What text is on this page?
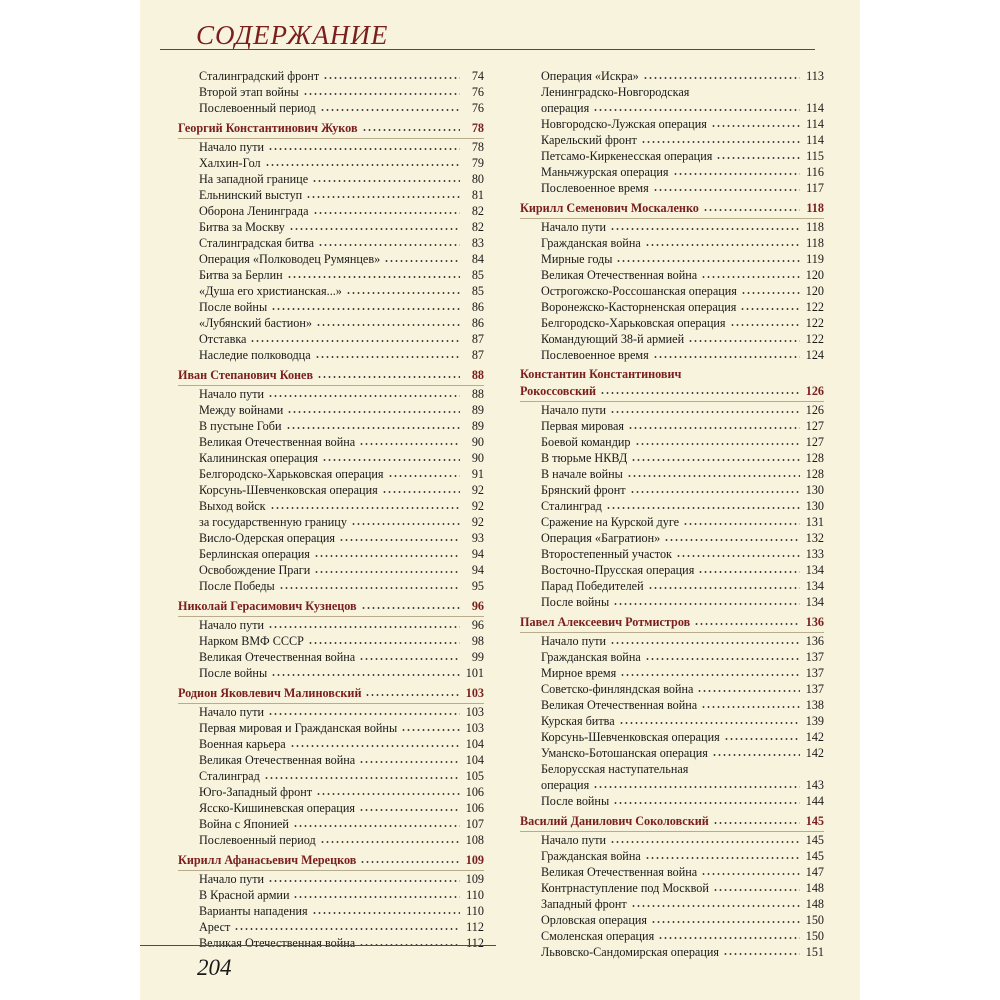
СОДЕРЖАНИЕ
Сталинградский фронт	74
Второй этап войны	76
Послевоенный период	76
Георгий Константинович Жуков	78
Начало пути	78
Халхин-Гол	79
На западной границе	80
Ельнинский выступ	81
Оборона Ленинграда	82
Битва за Москву	82
Сталинградская битва	83
Операция «Полководец Румянцев»	84
Битва за Берлин	85
«Душа его христианская...»	85
После войны	86
«Лубянский бастион»	86
Отставка	87
Наследие полководца	87
Иван Степанович Конев	88
Начало пути	88
Между войнами	89
В пустыне Гоби	89
Великая Отечественная война	90
Калининская операция	90
Белгородско-Харьковская операция	91
Корсунь-Шевченковская операция	92
Выход войск	92
за государственную границу	92
Висло-Одерская операция	93
Берлинская операция	94
Освобождение Праги	94
После Победы	95
Николай Герасимович Кузнецов	96
Начало пути	96
Нарком ВМФ СССР	98
Великая Отечественная война	99
После войны	101
Родион Яковлевич Малиновский	103
Начало пути	103
Первая мировая и Гражданская войны	103
Военная карьера	104
Великая Отечественная война	104
Сталинград	105
Юго-Западный фронт	106
Ясско-Кишиневская операция	106
Война с Японией	107
Послевоенный период	108
Кирилл Афанасьевич Мерецков	109
Начало пути	109
В Красной армии	110
Варианты нападения	110
Арест	112
Великая Отечественная война	112
Операция «Искра»	113
Ленинградско-Новгородская
операция	114
Новгородско-Лужская операция	114
Карельский фронт	114
Петсамо-Киркенесская операция	115
Маньчжурская операция	116
Послевоенное время	117
Кирилл Семенович Москаленко	118
Начало пути	118
Гражданская война	118
Мирные годы	119
Великая Отечественная война	120
Острогожско-Россошанская операция	120
Воронежско-Касторненская операция	122
Белгородско-Харьковская операция	122
Командующий 38-й армией	122
Послевоенное время	124
Константин Константинович
Рокоссовский	126
Начало пути	126
Первая мировая	127
Боевой командир	127
В тюрьме НКВД	128
В начале войны	128
Брянский фронт	130
Сталинград	130
Сражение на Курской дуге	131
Операция «Багратион»	132
Второстепенный участок	133
Восточно-Прусская операция	134
Парад Победителей	134
После войны	134
Павел Алексеевич Ротмистров	136
Начало пути	136
Гражданская война	137
Мирное время	137
Советско-финляндская война	137
Великая Отечественная война	138
Курская битва	139
Корсунь-Шевченковская операция	142
Уманско-Ботошанская операция	142
Белорусская наступательная
операция	143
После войны	144
Василий Данилович Соколовский	145
Начало пути	145
Гражданская война	145
Великая Отечественная война	147
Контрнаступление под Москвой	148
Западный фронт	148
Орловская операция	150
Смоленская операция	150
Львовско-Сандомирская операция	151
204
